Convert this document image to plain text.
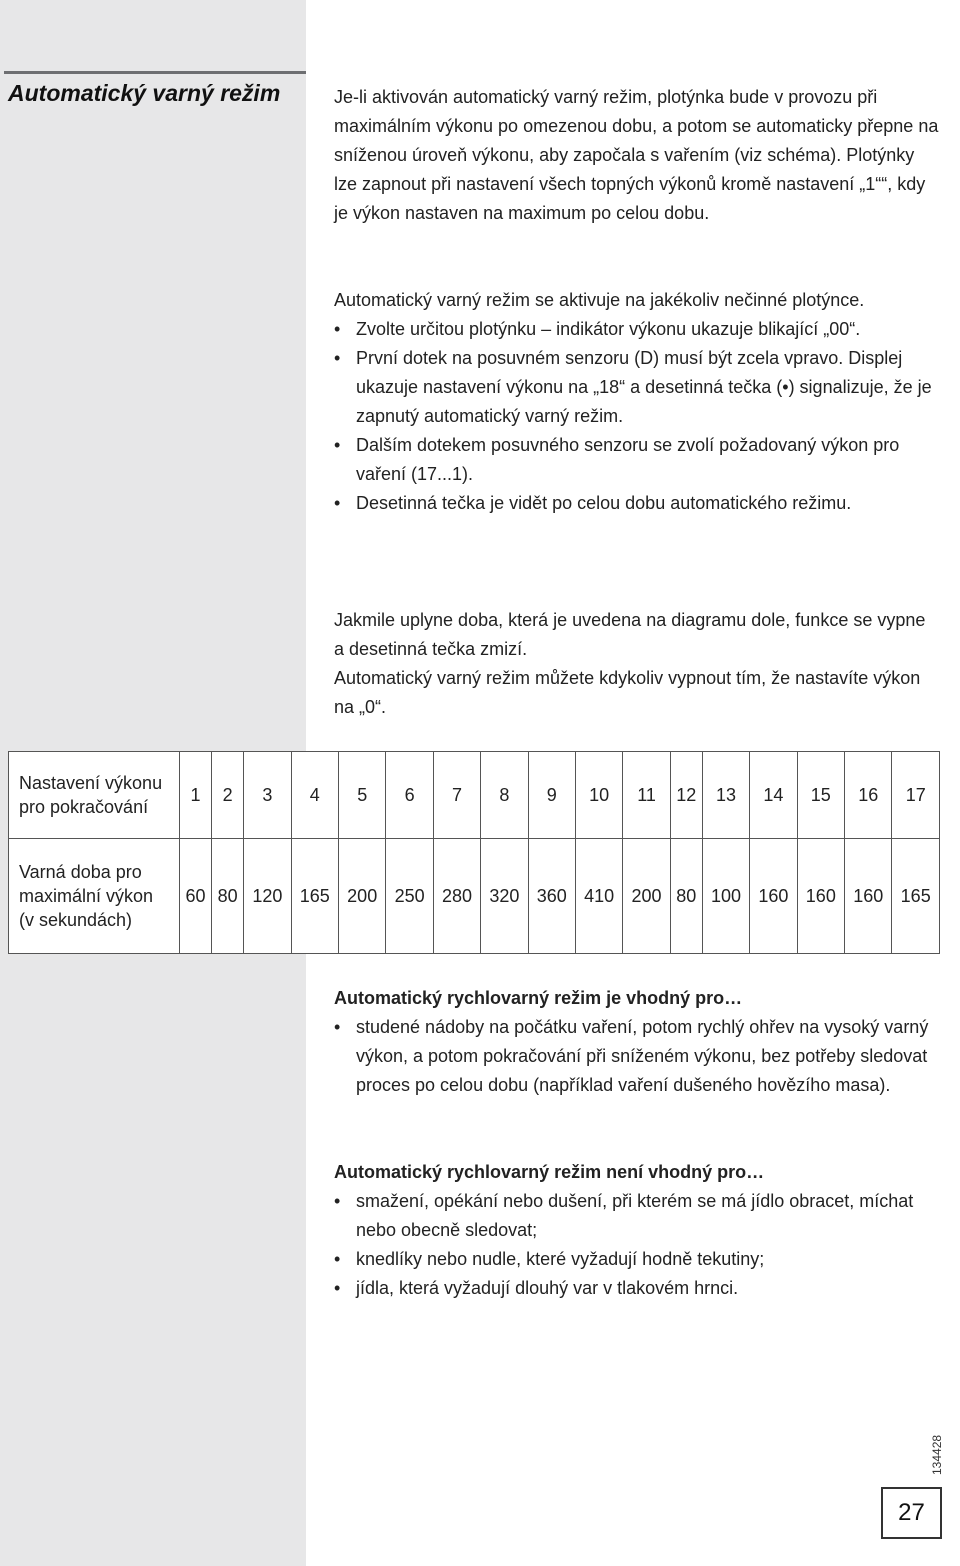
Automatický varný režim	Je-li aktivován automatický varný režim, plotýnka bude v provozu při maximálním výkonu po omezenou dobu, a potom se automaticky přepne na sníženou úroveň výkonu, aby započala s vařením (viz schéma). Plotýnky lze zapnout při nastavení všech topných výkonů kromě nastavení „1““, kdy je výkon nastaven na maximum po celou dobu.

Automatický varný režim se aktivuje na jakékoliv nečinné plotýnce.

• Zvolte určitou plotýnku – indikátor výkonu ukazuje blikající „00“.
• První dotek na posuvném senzoru (D) musí být zcela vpravo. Displej ukazuje nastavení výkonu na „18“ a desetinná tečka (•) signalizuje, že je zapnutý automatický varný režim.
• Dalším dotekem posuvného senzoru se zvolí požadovaný výkon pro vaření (17...1).
• Desetinná tečka je vidět po celou dobu automatického režimu.

Jakmile uplyne doba, která je uvedena na diagramu dole, funkce se vypne a desetinná tečka zmizí.

Automatický varný režim můžete kdykoliv vypnout tím, že nastavíte výkon na „0“.

Nastavení výkonu pro pokračování	1	2	3	4	5	6	7	8	9	10	11	12	13	14	15	16	17
Varná doba pro maximální výkon (v sekundách)	60	80	120	165	200	250	280	320	360	410	200	80	100	160	160	160	165

Automatický rychlovarný režim je vhodný pro…

• studené nádoby na počátku vaření, potom rychlý ohřev na vysoký varný výkon, a potom pokračování při sníženém výkonu, bez potřeby sledovat proces po celou dobu (například vaření dušeného hovězího masa).

Automatický rychlovarný režim není vhodný pro…

• smažení, opékání nebo dušení, při kterém se má jídlo obracet, míchat nebo obecně sledovat;
• knedlíky nebo nudle, které vyžadují hodně tekutiny;
• jídla, která vyžadují dlouhý var v tlakovém hrnci.
134428
27
